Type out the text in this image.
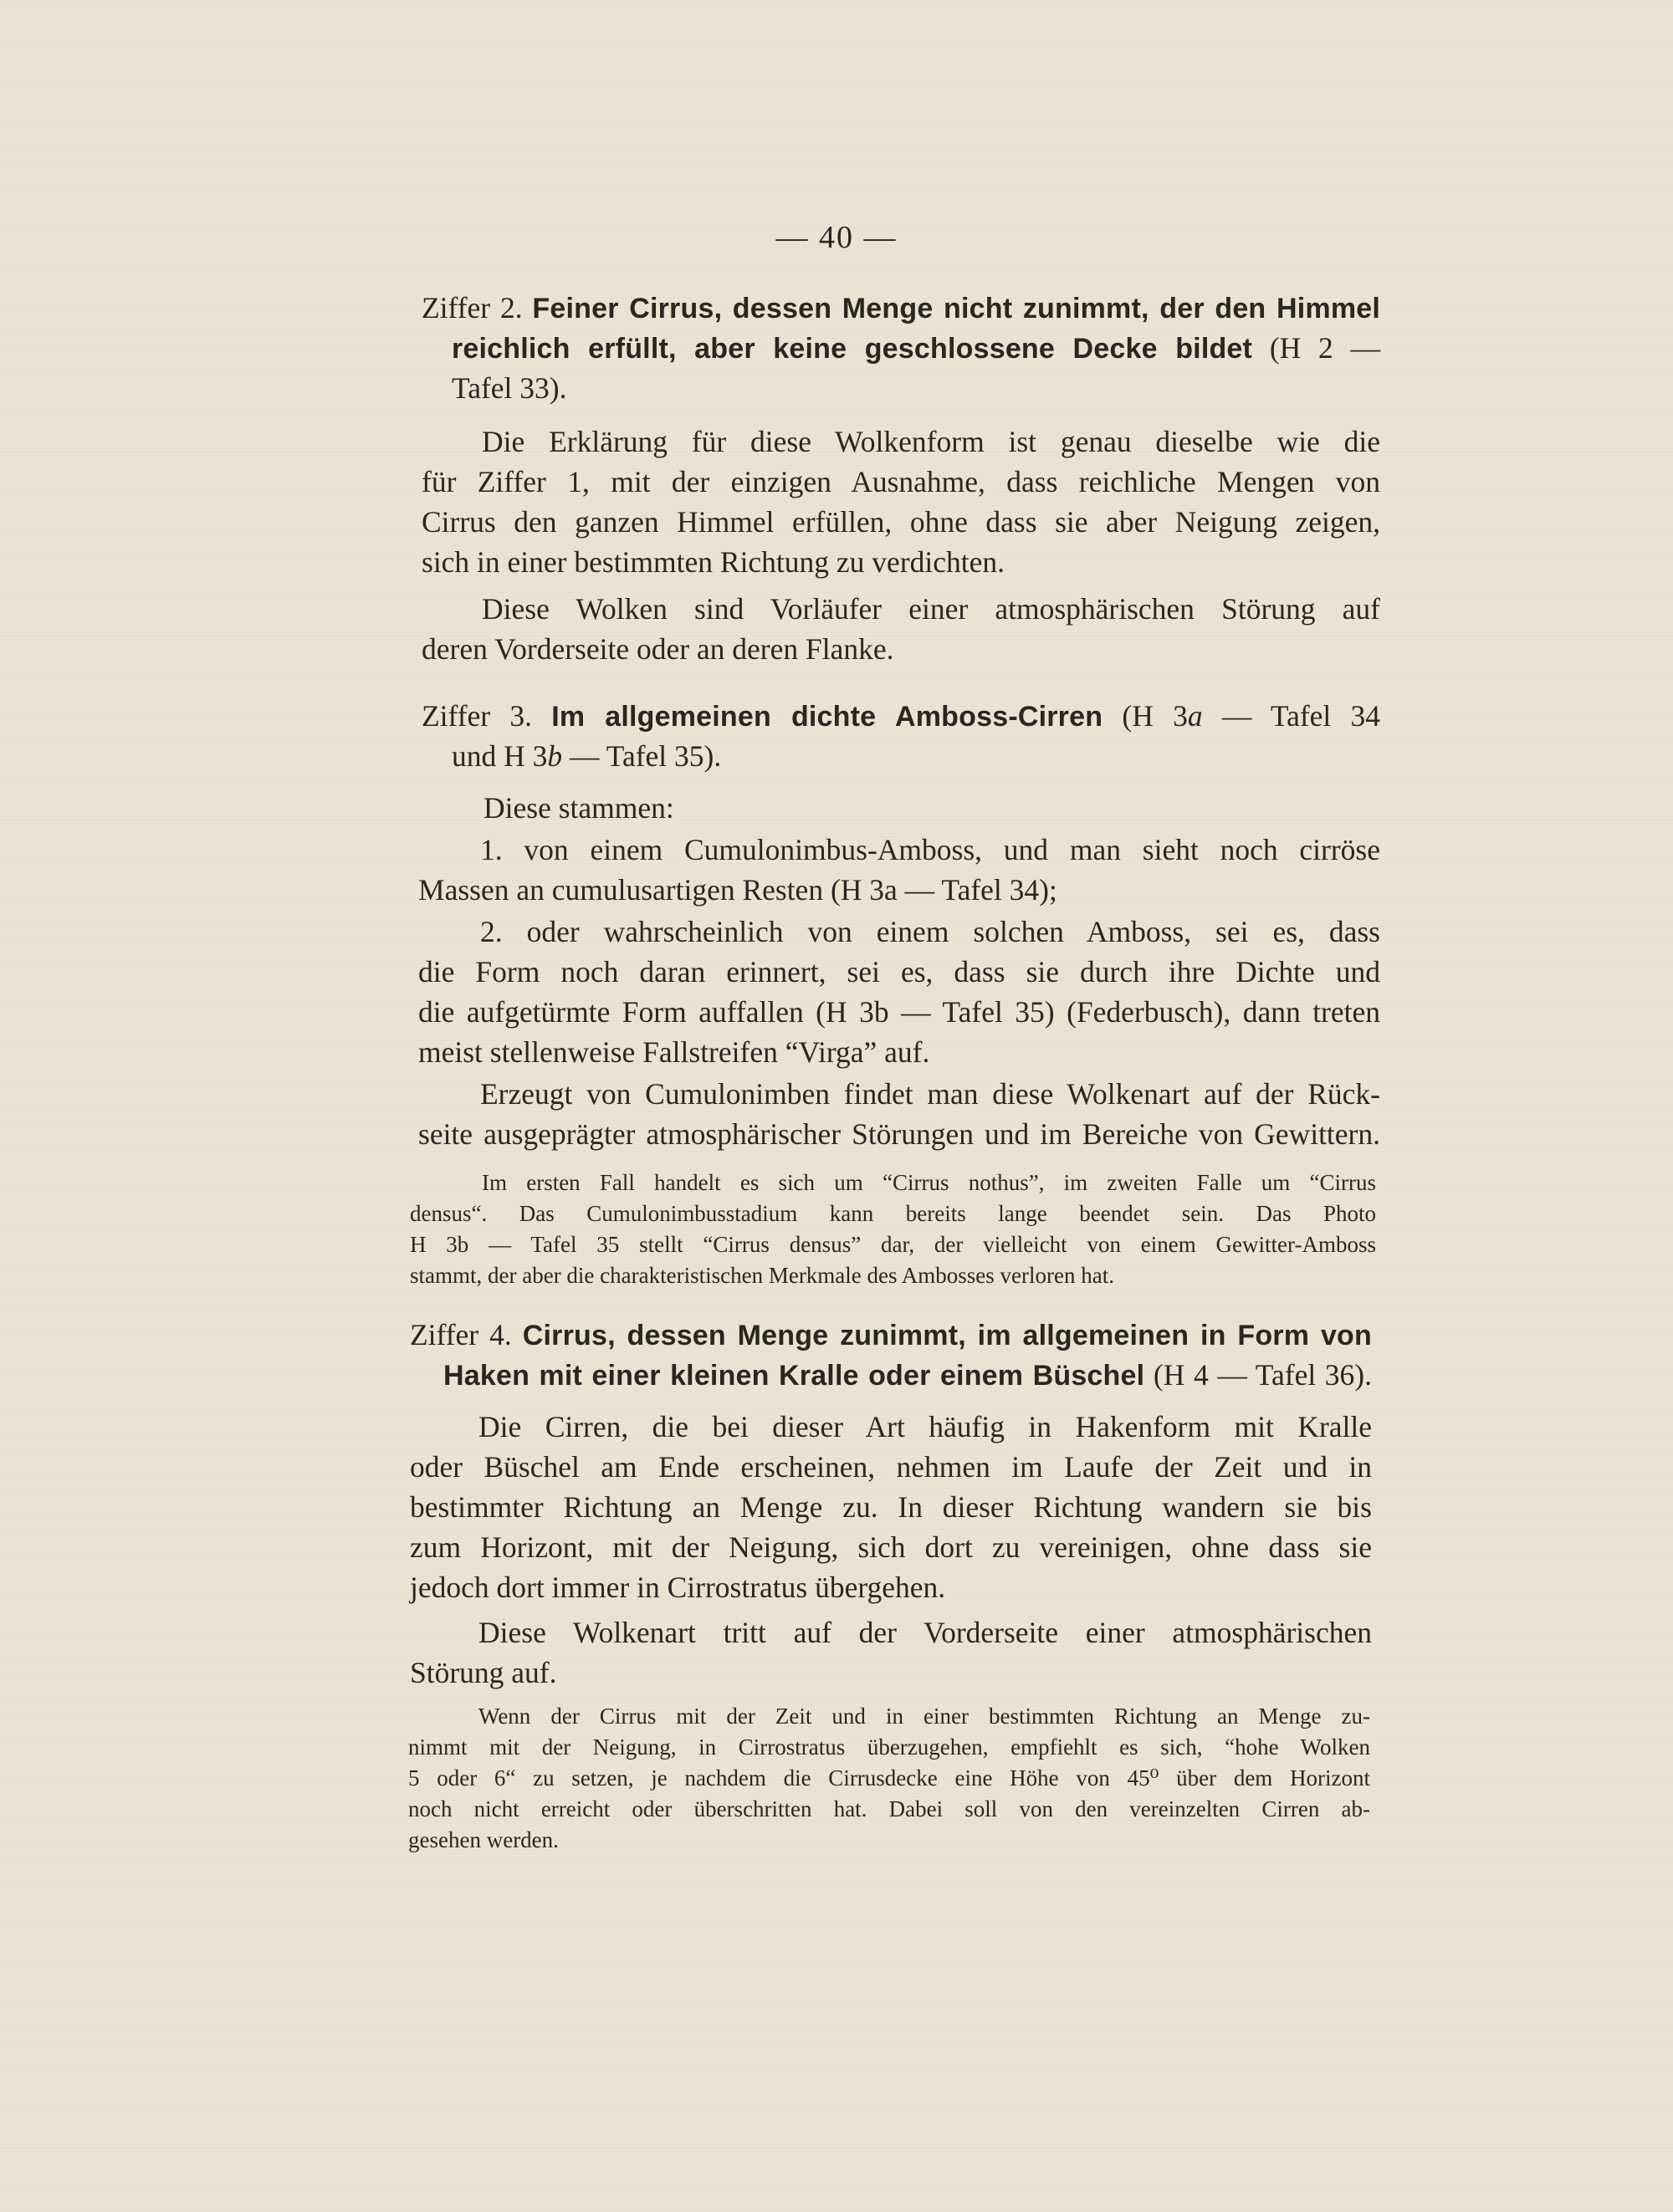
— 40 —
Ziffer 2. Feiner Cirrus, dessen Menge nicht zunimmt, der den Himmel
reichlich erfüllt, aber keine geschlossene Decke bildet (H 2 —
Tafel 33).
Die Erklärung für diese Wolkenform ist genau dieselbe wie die
für Ziffer 1, mit der einzigen Ausnahme, dass reichliche Mengen von
Cirrus den ganzen Himmel erfüllen, ohne dass sie aber Neigung zeigen,
sich in einer bestimmten Richtung zu verdichten.
Diese Wolken sind Vorläufer einer atmosphärischen Störung auf
deren Vorderseite oder an deren Flanke.
Ziffer 3. Im allgemeinen dichte Amboss-Cirren (H 3a — Tafel 34
und H 3b — Tafel 35).
Diese stammen:
1. von einem Cumulonimbus-Amboss, und man sieht noch cirröse
Massen an cumulusartigen Resten (H 3a — Tafel 34);
2. oder wahrscheinlich von einem solchen Amboss, sei es, dass
die Form noch daran erinnert, sei es, dass sie durch ihre Dichte und
die aufgetürmte Form auffallen (H 3b — Tafel 35) (Federbusch), dann treten
meist stellenweise Fallstreifen “Virga” auf.
Erzeugt von Cumulonimben findet man diese Wolkenart auf der Rück-
seite ausgeprägter atmosphärischer Störungen und im Bereiche von Gewittern.
Im ersten Fall handelt es sich um “Cirrus nothus”, im zweiten Falle um “Cirrus
densus“. Das Cumulonimbusstadium kann bereits lange beendet sein. Das Photo
H 3b — Tafel 35 stellt “Cirrus densus” dar, der vielleicht von einem Gewitter-Amboss
stammt, der aber die charakteristischen Merkmale des Ambosses verloren hat.
Ziffer 4. Cirrus, dessen Menge zunimmt, im allgemeinen in Form von
Haken mit einer kleinen Kralle oder einem Büschel (H 4 — Tafel 36).
Die Cirren, die bei dieser Art häufig in Hakenform mit Kralle
oder Büschel am Ende erscheinen, nehmen im Laufe der Zeit und in
bestimmter Richtung an Menge zu. In dieser Richtung wandern sie bis
zum Horizont, mit der Neigung, sich dort zu vereinigen, ohne dass sie
jedoch dort immer in Cirrostratus übergehen.
Diese Wolkenart tritt auf der Vorderseite einer atmosphärischen
Störung auf.
Wenn der Cirrus mit der Zeit und in einer bestimmten Richtung an Menge zu-
nimmt mit der Neigung, in Cirrostratus überzugehen, empfiehlt es sich, “hohe Wolken
5 oder 6“ zu setzen, je nachdem die Cirrusdecke eine Höhe von 45⁰ über dem Horizont
noch nicht erreicht oder überschritten hat. Dabei soll von den vereinzelten Cirren ab-
gesehen werden.
